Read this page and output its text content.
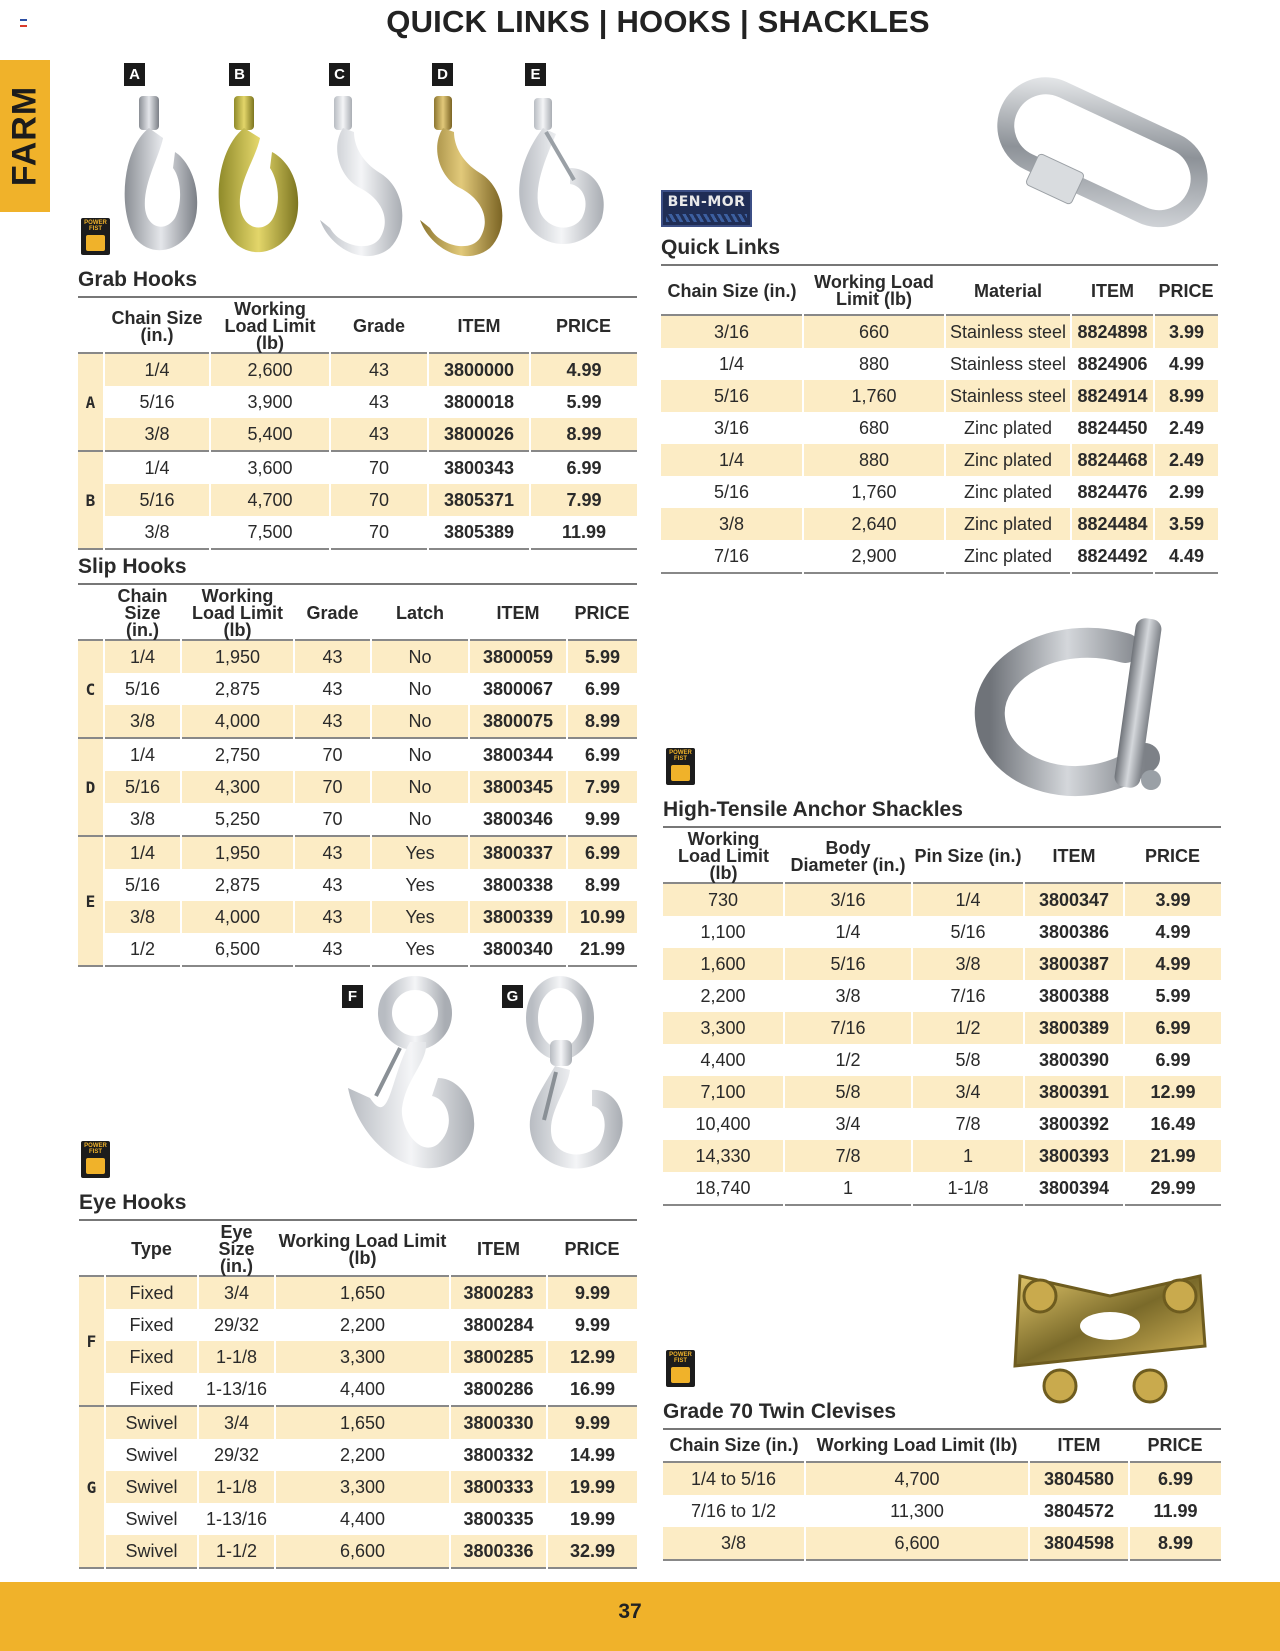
QUICK LINKS | HOOKS | SHACKLES
FARM
37
A	B	C	D	E
POWER FIST
Grab Hooks
	Chain Size (in.)	Working Load Limit (lb)	Grade	ITEM	PRICE
A	1/4	2,600	43	3800000	4.99
	5/16	3,900	43	3800018	5.99
	3/8	5,400	43	3800026	8.99
B	1/4	3,600	70	3800343	6.99
	5/16	4,700	70	3805371	7.99
	3/8	7,500	70	3805389	11.99
Slip Hooks
	Chain Size (in.)	Working Load Limit (lb)	Grade	Latch	ITEM	PRICE
C	1/4	1,950	43	No	3800059	5.99
	5/16	2,875	43	No	3800067	6.99
	3/8	4,000	43	No	3800075	8.99
D	1/4	2,750	70	No	3800344	6.99
	5/16	4,300	70	No	3800345	7.99
	3/8	5,250	70	No	3800346	9.99
E	1/4	1,950	43	Yes	3800337	6.99
	5/16	2,875	43	Yes	3800338	8.99
	3/8	4,000	43	Yes	3800339	10.99
	1/2	6,500	43	Yes	3800340	21.99
F	G
POWER FIST
Eye Hooks
	Type	Eye Size (in.)	Working Load Limit (lb)	ITEM	PRICE
F	Fixed	3/4	1,650	3800283	9.99
	Fixed	29/32	2,200	3800284	9.99
	Fixed	1-1/8	3,300	3800285	12.99
	Fixed	1-13/16	4,400	3800286	16.99
G	Swivel	3/4	1,650	3800330	9.99
	Swivel	29/32	2,200	3800332	14.99
	Swivel	1-1/8	3,300	3800333	19.99
	Swivel	1-13/16	4,400	3800335	19.99
	Swivel	1-1/2	6,600	3800336	32.99
BEN-MOR
Quick Links
Chain Size (in.)	Working Load Limit (lb)	Material	ITEM	PRICE
3/16	660	Stainless steel	8824898	3.99
1/4	880	Stainless steel	8824906	4.99
5/16	1,760	Stainless steel	8824914	8.99
3/16	680	Zinc plated	8824450	2.49
1/4	880	Zinc plated	8824468	2.49
5/16	1,760	Zinc plated	8824476	2.99
3/8	2,640	Zinc plated	8824484	3.59
7/16	2,900	Zinc plated	8824492	4.49
POWER FIST
High-Tensile Anchor Shackles
Working Load Limit (lb)	Body Diameter (in.)	Pin Size (in.)	ITEM	PRICE
730	3/16	1/4	3800347	3.99
1,100	1/4	5/16	3800386	4.99
1,600	5/16	3/8	3800387	4.99
2,200	3/8	7/16	3800388	5.99
3,300	7/16	1/2	3800389	6.99
4,400	1/2	5/8	3800390	6.99
7,100	5/8	3/4	3800391	12.99
10,400	3/4	7/8	3800392	16.49
14,330	7/8	1	3800393	21.99
18,740	1	1-1/8	3800394	29.99
POWER FIST
Grade 70 Twin Clevises
Chain Size (in.)	Working Load Limit (lb)	ITEM	PRICE
1/4 to 5/16	4,700	3804580	6.99
7/16 to 1/2	11,300	3804572	11.99
3/8	6,600	3804598	8.99
